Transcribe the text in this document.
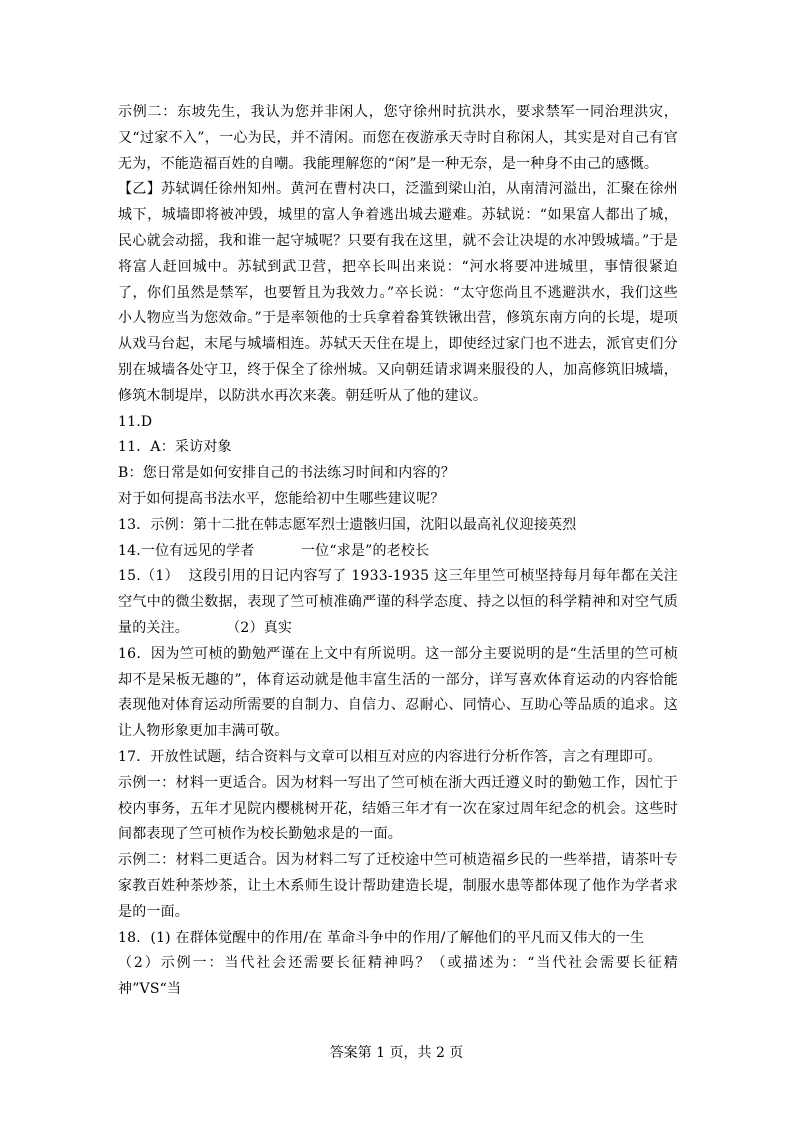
示例二：东坡先生，我认为您并非闲人，您守徐州时抗洪水，要求禁军一同治理洪灾，又“过家不入”，一心为民，并不清闲。而您在夜游承天寺时自称闲人，其实是对自己有官无为，不能造福百姓的自嘲。我能理解您的“闲”是一种无奈，是一种身不由己的感慨。

【乙】苏轼调任徐州知州。黄河在曹村决口，泛滥到梁山泊，从南清河溢出，汇聚在徐州城下，城墙即将被冲毁，城里的富人争着逃出城去避难。苏轼说：“如果富人都出了城，民心就会动摇，我和谁一起守城呢？只要有我在这里，就不会让决堤的水冲毁城墙。”于是将富人赶回城中。苏轼到武卫营，把卒长叫出来说：“河水将要冲进城里，事情很紧迫了，你们虽然是禁军，也要暂且为我效力。”卒长说：“太守您尚且不逃避洪水，我们这些小人物应当为您效命。”于是率领他的士兵拿着畚箕铁锹出营，修筑东南方向的长堤，堤项从戏马台起，末尾与城墙相连。苏轼天天住在堤上，即使经过家门也不进去，派官吏们分别在城墙各处守卫，终于保全了徐州城。又向朝廷请求调来服役的人，加高修筑旧城墙，修筑木制堤岸，以防洪水再次来袭。朝廷听从了他的建议。

11.D

11．A：采访对象

B：您日常是如何安排自己的书法练习时间和内容的？

对于如何提高书法水平，您能给初中生哪些建议呢？

13．示例：第十二批在韩志愿军烈士遗骸归国，沈阳以最高礼仪迎接英烈

14.一位有远见的学者          一位“求是”的老校长

15.（1）  这段引用的日记内容写了 1933-1935 这三年里竺可桢坚持每月每年都在关注空气中的微尘数据，表现了竺可桢准确严谨的科学态度、持之以恒的科学精神和对空气质量的关注。        （2）真实

16．因为竺可桢的勤勉严谨在上文中有所说明。这一部分主要说明的是“生活里的竺可桢却不是呆板无趣的”，体育运动就是他丰富生活的一部分，详写喜欢体育运动的内容恰能表现他对体育运动所需要的自制力、自信力、忍耐心、同情心、互助心等品质的追求。这让人物形象更加丰满可敬。

17．开放性试题，结合资料与文章可以相互对应的内容进行分析作答，言之有理即可。

示例一：材料一更适合。因为材料一写出了竺可桢在浙大西迁遵义时的勤勉工作，因忙于校内事务，五年才见院内樱桃树开花，结婚三年才有一次在家过周年纪念的机会。这些时间都表现了竺可桢作为校长勤勉求是的一面。

示例二：材料二更适合。因为材料二写了迁校途中竺可桢造福乡民的一些举措，请茶叶专家教百姓种茶炒茶，让土木系师生设计帮助建造长堤，制服水患等都体现了他作为学者求是的一面。

18．(1) 在群体觉醒中的作用/在 革命斗争中的作用/了解他们的平凡而又伟大的一生

（2）示例一：当代社会还需要长征精神吗？（或描述为：“当代社会需要长征精神”VS“当

答案第 1 页，共 2 页
